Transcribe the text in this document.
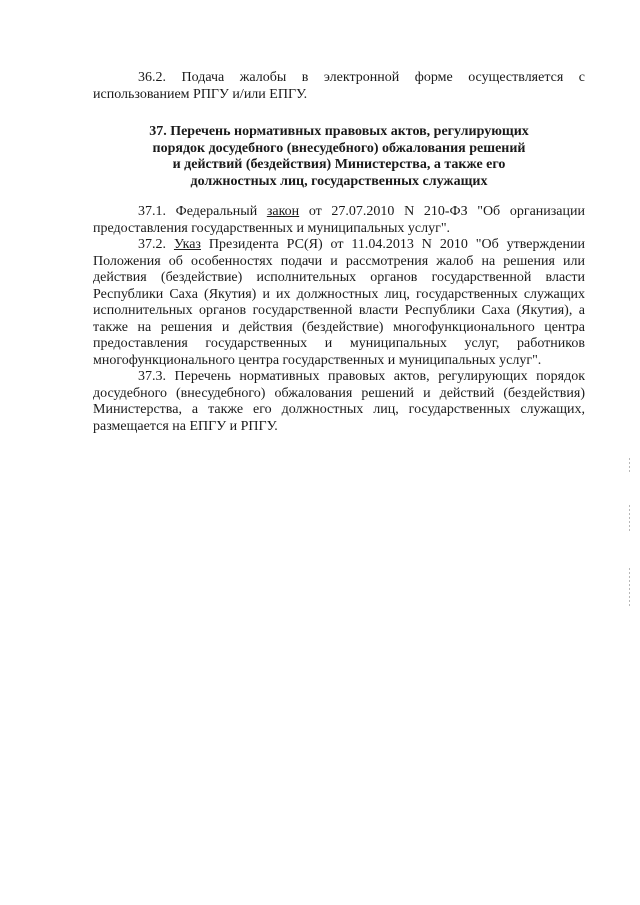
36.2. Подача жалобы в электронной форме осуществляется с использованием РПГУ и/или ЕПГУ.

37. Перечень нормативных правовых актов, регулирующих
порядок досудебного (внесудебного) обжалования решений
и действий (бездействия) Министерства, а также его
должностных лиц, государственных служащих

37.1. Федеральный закон от 27.07.2010 N 210-ФЗ "Об организации предоставления государственных и муниципальных услуг".

37.2. Указ Президента РС(Я) от 11.04.2013 N 2010 "Об утверждении Положения об особенностях подачи и рассмотрения жалоб на решения или действия (бездействие) исполнительных органов государственной власти Республики Саха (Якутия) и их должностных лиц, государственных служащих исполнительных органов государственной власти Республики Саха (Якутия), а также на решения и действия (бездействие) многофункционального центра предоставления государственных и муниципальных услуг, работников многофункционального центра государственных и муниципальных услуг".

37.3. Перечень нормативных правовых актов, регулирующих порядок досудебного (внесудебного) обжалования решений и действий (бездействия) Министерства, а также его должностных лиц, государственных служащих, размещается на ЕПГУ и РПГУ.
